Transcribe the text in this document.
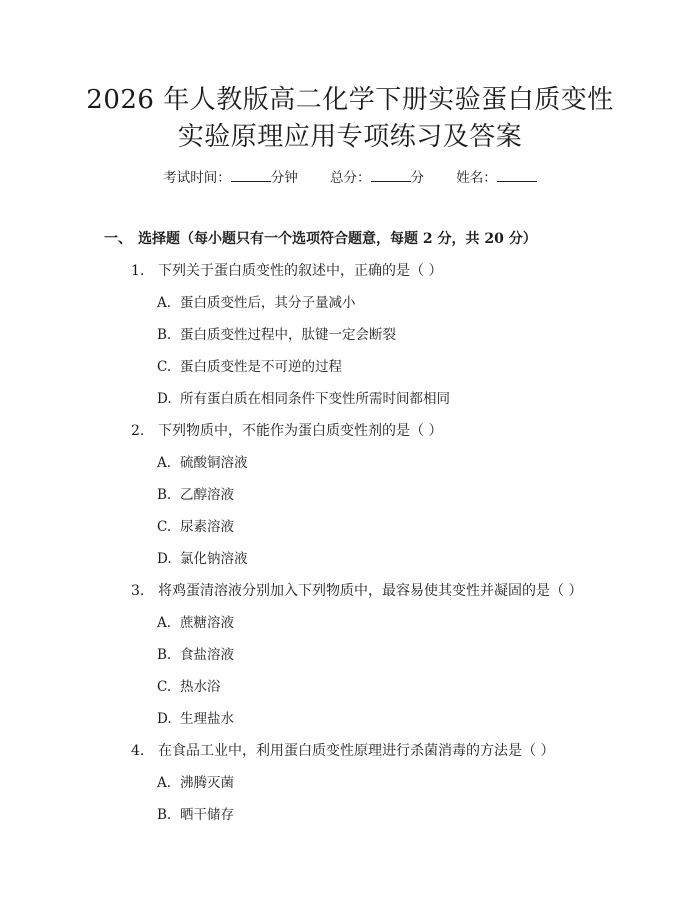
2026 年人教版高二化学下册实验蛋白质变性
实验原理应用专项练习及答案
考试时间：	分钟 总分：	分 姓名：
一、 选择题（每小题只有一个选项符合题意，每题 2 分，共 20 分）
1. 下列关于蛋白质变性的叙述中，正确的是（ ）
A. 蛋白质变性后，其分子量减小
B. 蛋白质变性过程中，肽键一定会断裂
C. 蛋白质变性是不可逆的过程
D. 所有蛋白质在相同条件下变性所需时间都相同
2. 下列物质中，不能作为蛋白质变性剂的是（ ）
A. 硫酸铜溶液
B. 乙醇溶液
C. 尿素溶液
D. 氯化钠溶液
3. 将鸡蛋清溶液分别加入下列物质中，最容易使其变性并凝固的是（ ）
A. 蔗糖溶液
B. 食盐溶液
C. 热水浴
D. 生理盐水
4. 在食品工业中，利用蛋白质变性原理进行杀菌消毒的方法是（ ）
A. 沸腾灭菌
B. 晒干储存
